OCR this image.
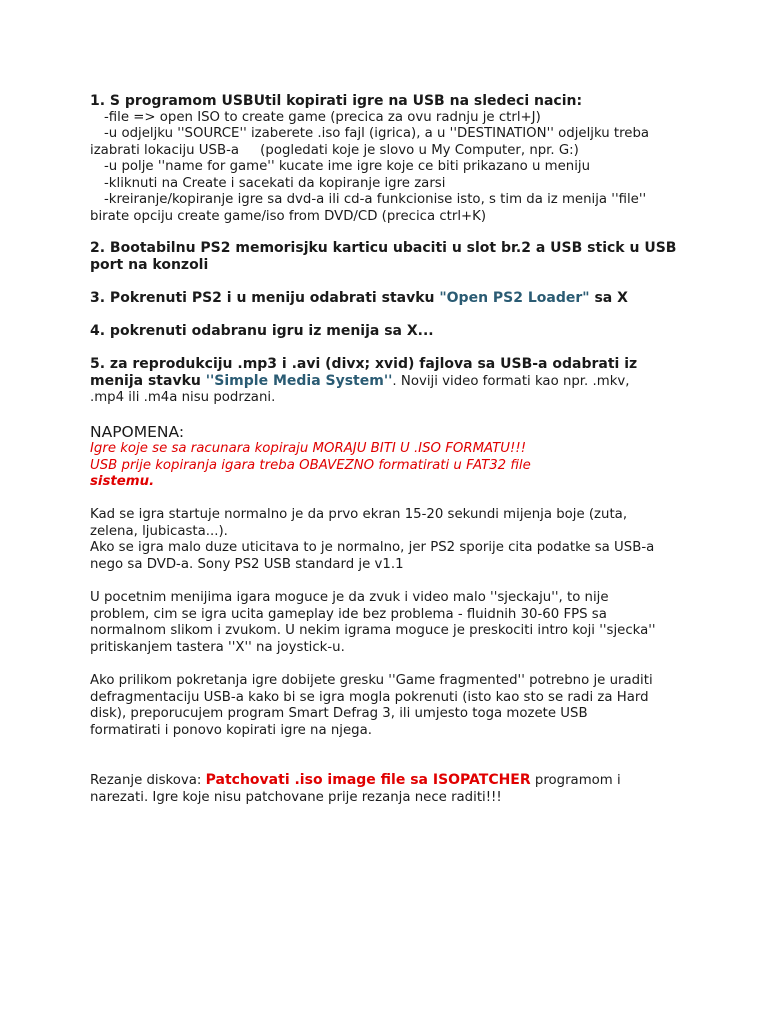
1. S programom USBUtil kopirati igre na USB na sledeci nacin:

-file => open ISO to create game (precica za ovu radnju je ctrl+J)

-u odjeljku ''SOURCE'' izaberete .iso fajl (igrica), a u ''DESTINATION'' odjeljku treba

izabrati lokaciju USB-a     (pogledati koje je slovo u My Computer, npr. G:)

-u polje ''name for game'' kucate ime igre koje ce biti prikazano u meniju

-kliknuti na Create i sacekati da kopiranje igre zarsi

-kreiranje/kopiranje igre sa dvd-a ili cd-a funkcionise isto, s tim da iz menija ''file''

birate opciju create game/iso from DVD/CD (precica ctrl+K)

2. Bootabilnu PS2 memorisjku karticu ubaciti u slot br.2 a USB stick u USB

port na konzoli

3. Pokrenuti PS2 i u meniju odabrati stavku "Open PS2 Loader" sa X

4. pokrenuti odabranu igru iz menija sa X...

5. za reprodukciju .mp3 i .avi (divx; xvid) fajlova sa USB-a odabrati iz

menija stavku ''Simple Media System''. Noviji video formati kao npr. .mkv,

.mp4 ili .m4a nisu podrzani.

NAPOMENA:

Igre koje se sa racunara kopiraju MORAJU BITI U .ISO FORMATU!!!

USB prije kopiranja igara treba OBAVEZNO formatirati u FAT32 file

sistemu.

Kad se igra startuje normalno je da prvo ekran 15-20 sekundi mijenja boje (zuta,

zelena, ljubicasta...).

Ako se igra malo duze uticitava to je normalno, jer PS2 sporije cita podatke sa USB-a

nego sa DVD-a. Sony PS2 USB standard je v1.1

U pocetnim menijima igara moguce je da zvuk i video malo ''sjeckaju'', to nije

problem, cim se igra ucita gameplay ide bez problema - fluidnih 30-60 FPS sa

normalnom slikom i zvukom. U nekim igrama moguce je preskociti intro koji ''sjecka''

pritiskanjem tastera ''X'' na joystick-u.

Ako prilikom pokretanja igre dobijete gresku ''Game fragmented'' potrebno je uraditi

defragmentaciju USB-a kako bi se igra mogla pokrenuti (isto kao sto se radi za Hard

disk), preporucujem program Smart Defrag 3, ili umjesto toga mozete USB

formatirati i ponovo kopirati igre na njega.

Rezanje diskova: Patchovati .iso image file sa ISOPATCHER programom i

narezati. Igre koje nisu patchovane prije rezanja nece raditi!!!
